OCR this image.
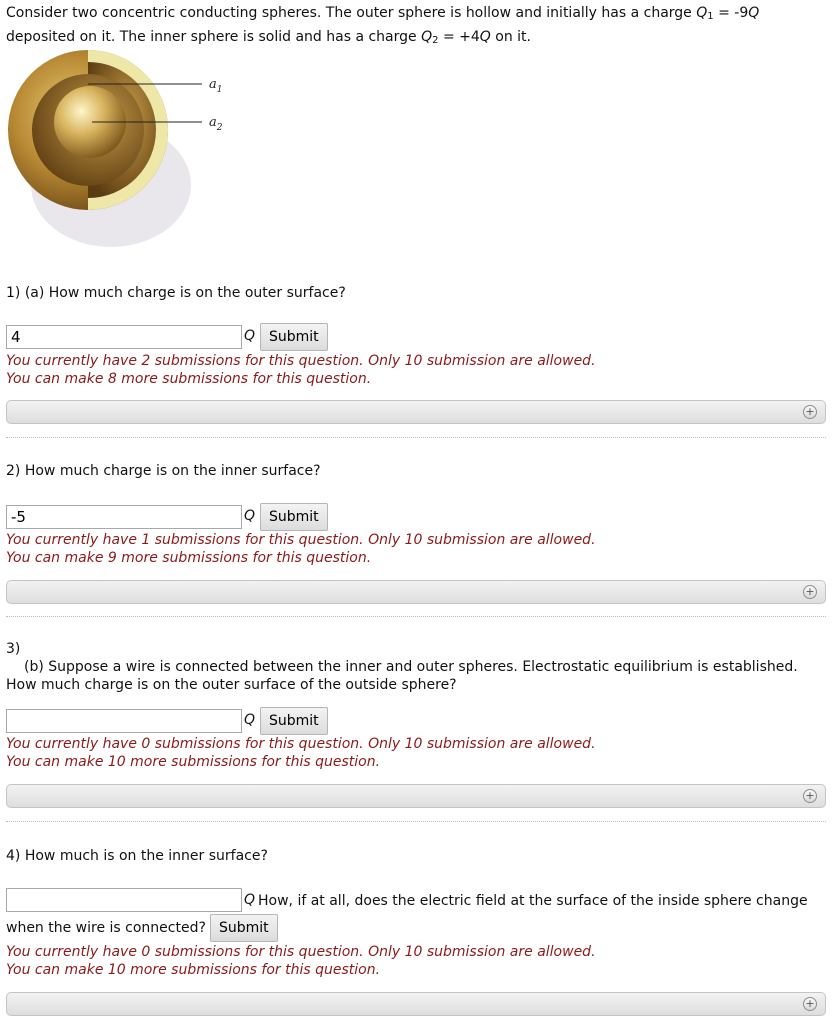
Consider two concentric conducting spheres. The outer sphere is hollow and initially has a charge $Q_1 = -9Q$
deposited on it. The inner sphere is solid and has a charge $Q_2 = +4Q$ on it.
$a_1$
$a_2$
1) (a) How much charge is on the outer surface?
4
Q Submit
You currently have 2 submissions for this question. Only 10 submission are allowed.
You can make 8 more submissions for this question.
+
2) How much charge is on the inner surface?
-5
Q Submit
You currently have 1 submissions for this question. Only 10 submission are allowed.
You can make 9 more submissions for this question.
+
3)
(b) Suppose a wire is connected between the inner and outer spheres. Electrostatic equilibrium is established. How much charge is on the outer surface of the outside sphere?
Q Submit
You currently have 0 submissions for this question. Only 10 submission are allowed.
You can make 10 more submissions for this question.
+
4) How much is on the inner surface?
Q How, if at all, does the electric field at the surface of the inside sphere change
when the wire is connected? Submit
You currently have 0 submissions for this question. Only 10 submission are allowed.
You can make 10 more submissions for this question.
+
